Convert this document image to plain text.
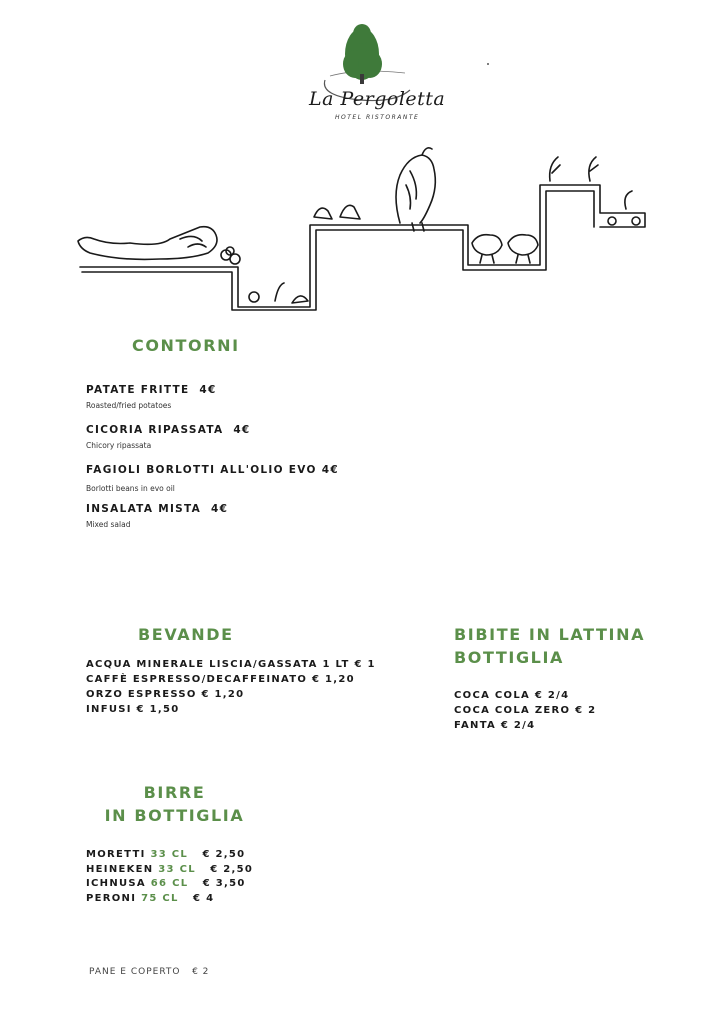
La Pergoletta
HOTEL RISTORANTE
CONTORNI
PATATE FRITTE 4€
Roasted/fried potatoes
CICORIA RIPASSATA 4€
Chicory ripassata
FAGIOLI BORLOTTI ALL'OLIO EVO 4€
Borlotti beans in evo oil
INSALATA MISTA 4€
Mixed salad
BEVANDE
ACQUA MINERALE LISCIA/GASSATA 1 LT € 1
CAFFÈ ESPRESSO/DECAFFEINATO € 1,20
ORZO ESPRESSO € 1,20
INFUSI € 1,50
BIBITE IN LATTINA
BOTTIGLIA
COCA COLA € 2/4
COCA COLA ZERO € 2
FANTA € 2/4
BIRRE
IN BOTTIGLIA
MORETTI 33 CL € 2,50
HEINEKEN 33 CL € 2,50
ICHNUSA 66 CL € 3,50
PERONI 75 CL € 4
PANE E COPERTO € 2
